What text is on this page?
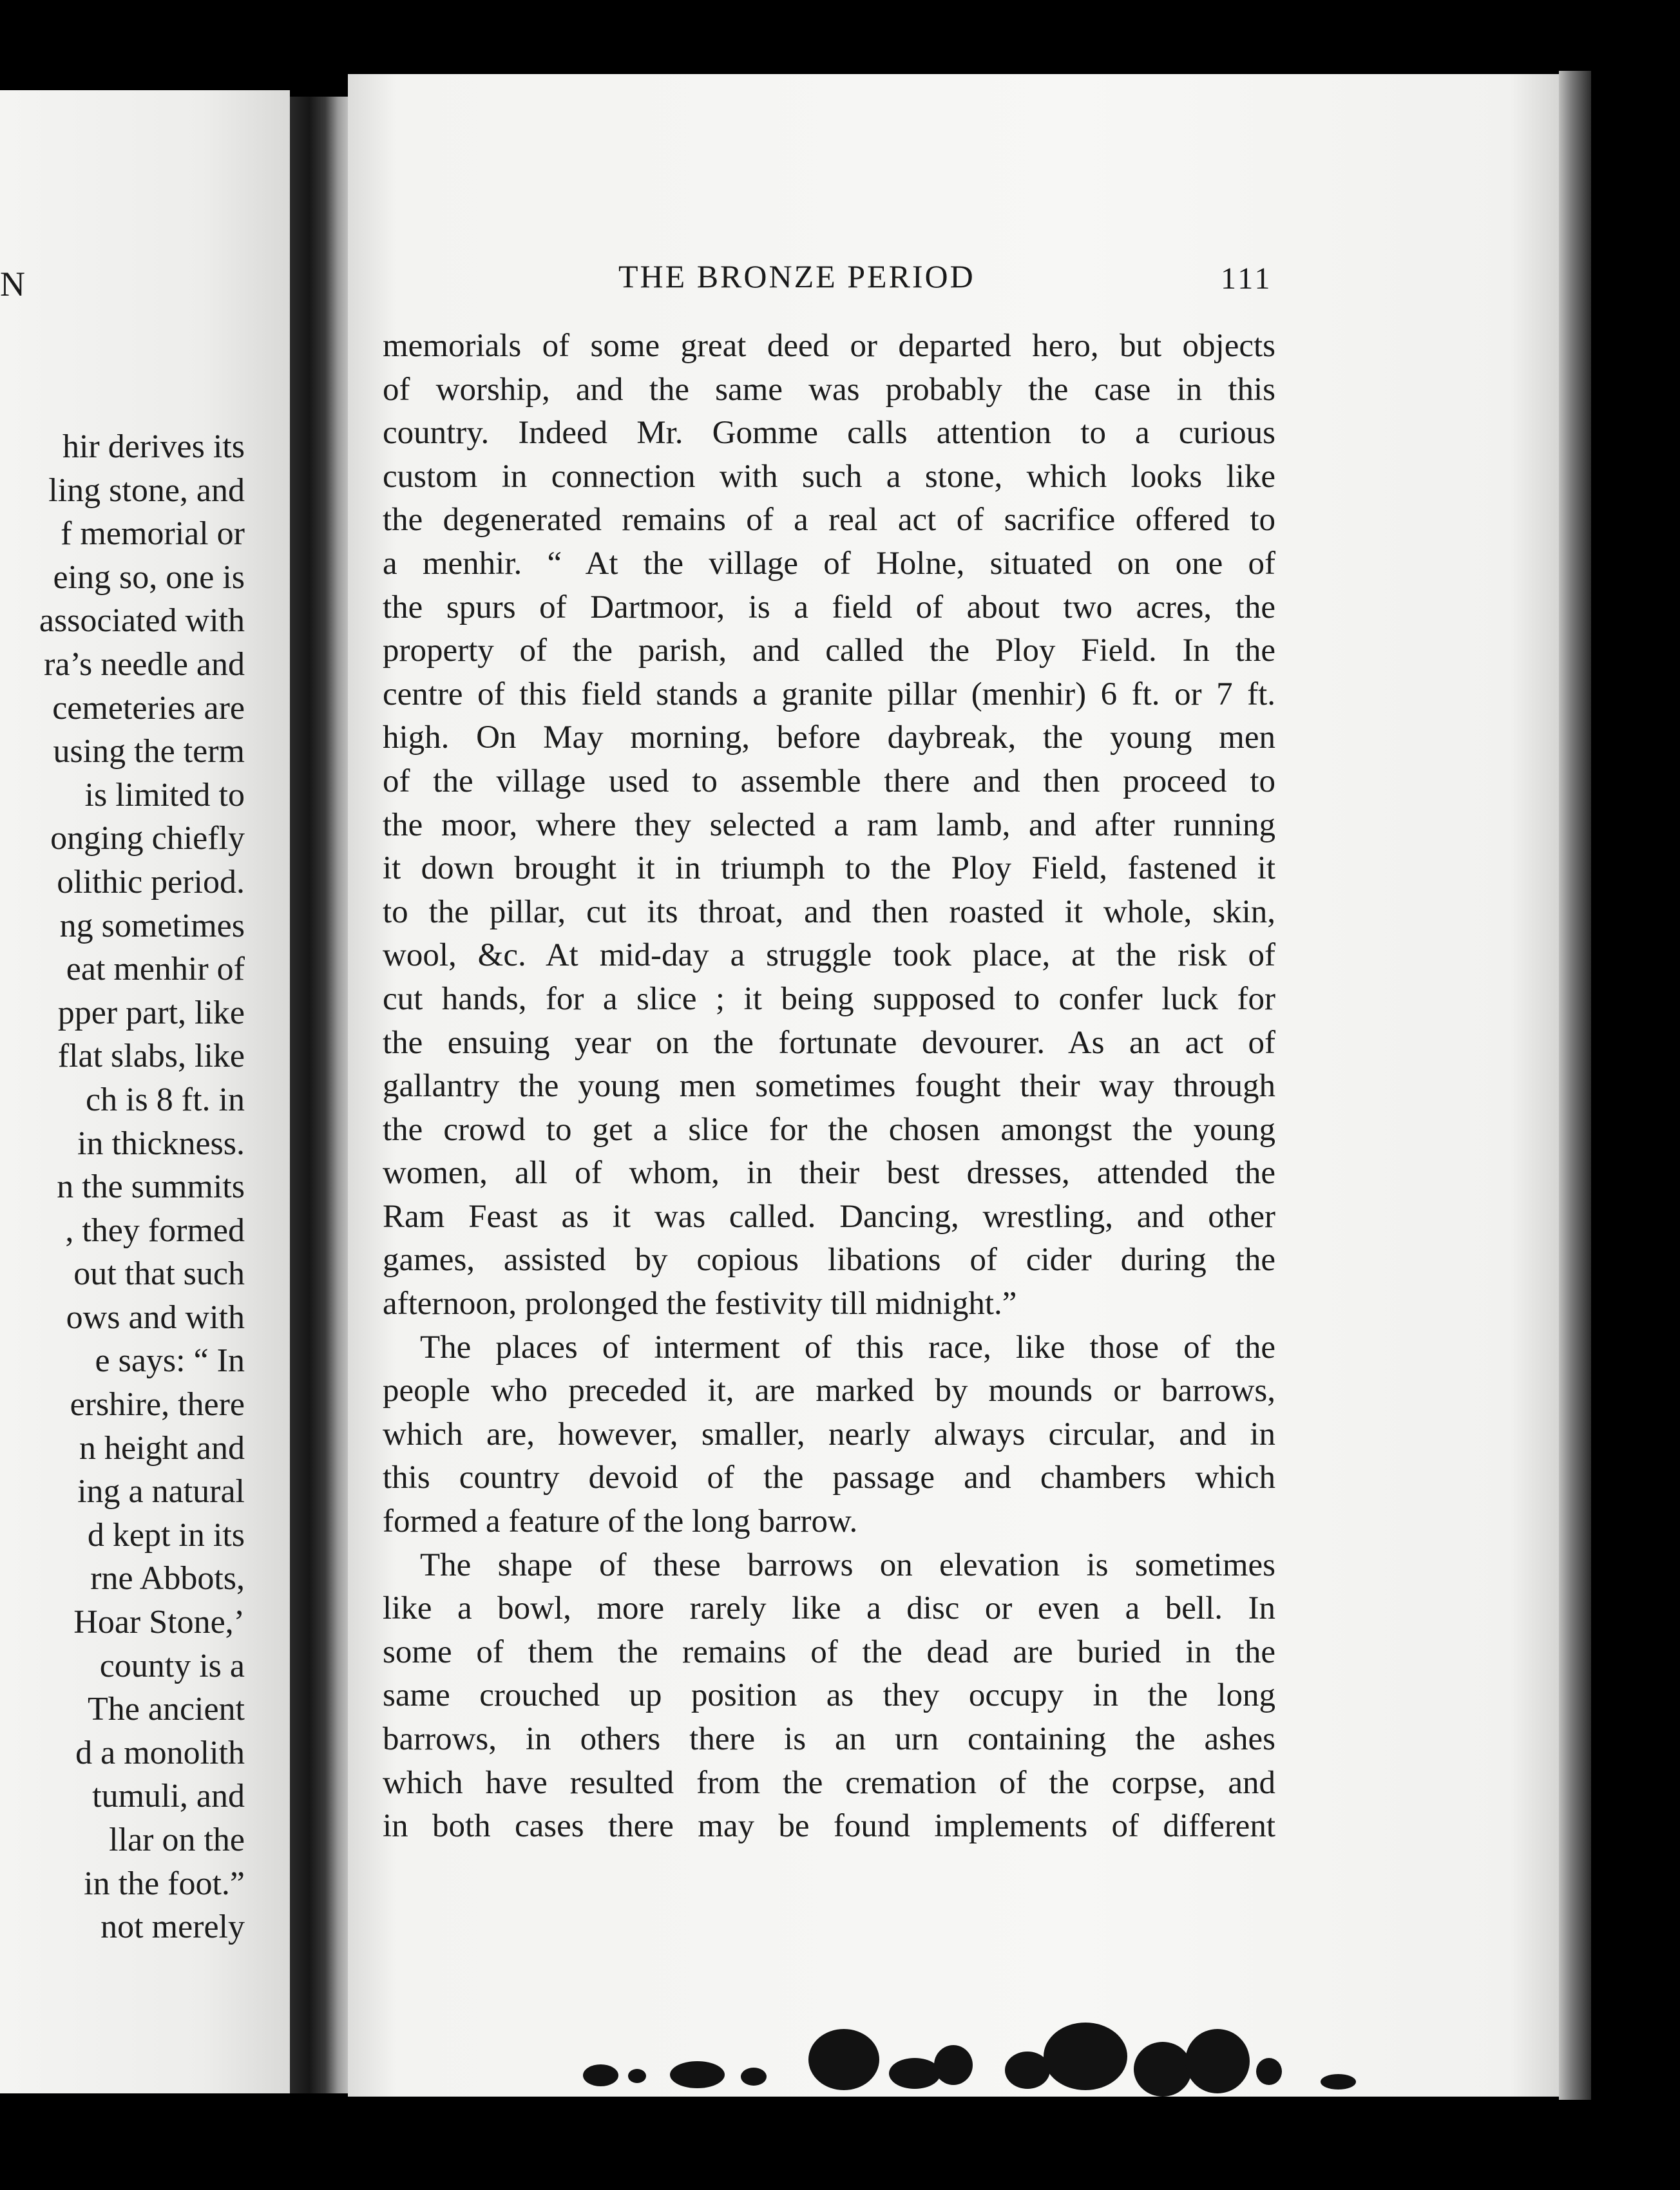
N
hir derives its
ling stone, and
f memorial or
eing so, one is
associated with
ra’s needle and
cemeteries are
using the term
is limited to
onging chiefly
olithic period.
ng sometimes
eat menhir of
pper part, like
flat slabs, like
ch is 8 ft. in
in thickness.
n the summits
, they formed
out that such
ows and with
e says: “ In
ershire, there
n height and
ing a natural
d kept in its
rne Abbots,
Hoar Stone,’
county is a
The ancient
d a monolith
tumuli, and
llar on the
in the foot.”
not merely
THE BRONZE PERIOD	111
memorials of some great deed or departed hero, but objects
of worship, and the same was probably the case in this
country. Indeed Mr. Gomme calls attention to a curious
custom in connection with such a stone, which looks like
the degenerated remains of a real act of sacrifice offered to
a menhir. “ At the village of Holne, situated on one of
the spurs of Dartmoor, is a field of about two acres, the
property of the parish, and called the Ploy Field. In the
centre of this field stands a granite pillar (menhir) 6 ft. or 7 ft.
high. On May morning, before daybreak, the young men
of the village used to assemble there and then proceed to
the moor, where they selected a ram lamb, and after running
it down brought it in triumph to the Ploy Field, fastened it
to the pillar, cut its throat, and then roasted it whole, skin,
wool, &c. At mid-day a struggle took place, at the risk of
cut hands, for a slice ; it being supposed to confer luck for
the ensuing year on the fortunate devourer. As an act of
gallantry the young men sometimes fought their way through
the crowd to get a slice for the chosen amongst the young
women, all of whom, in their best dresses, attended the
Ram Feast as it was called. Dancing, wrestling, and other
games, assisted by copious libations of cider during the
afternoon, prolonged the festivity till midnight.”
The places of interment of this race, like those of the
people who preceded it, are marked by mounds or barrows,
which are, however, smaller, nearly always circular, and in
this country devoid of the passage and chambers which
formed a feature of the long barrow.
The shape of these barrows on elevation is sometimes
like a bowl, more rarely like a disc or even a bell. In
some of them the remains of the dead are buried in the
same crouched up position as they occupy in the long
barrows, in others there is an urn containing the ashes
which have resulted from the cremation of the corpse, and
in both cases there may be found implements of different
